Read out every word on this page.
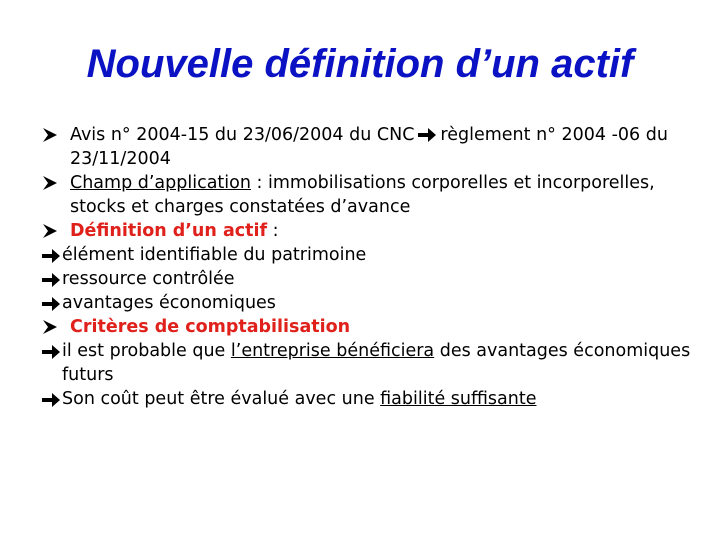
Nouvelle définition d’un actif
Avis n° 2004-15 du 23/06/2004 du CNC règlement n° 2004 -06 du 23/11/2004
Champ d’application : immobilisations corporelles et incorporelles, stocks et charges constatées d’avance
Définition d’un actif :
élément identifiable du patrimoine
ressource contrôlée
avantages économiques
Critères de comptabilisation
il est probable que l’entreprise bénéficiera des avantages économiques futurs
Son coût peut être évalué avec une fiabilité suffisante
